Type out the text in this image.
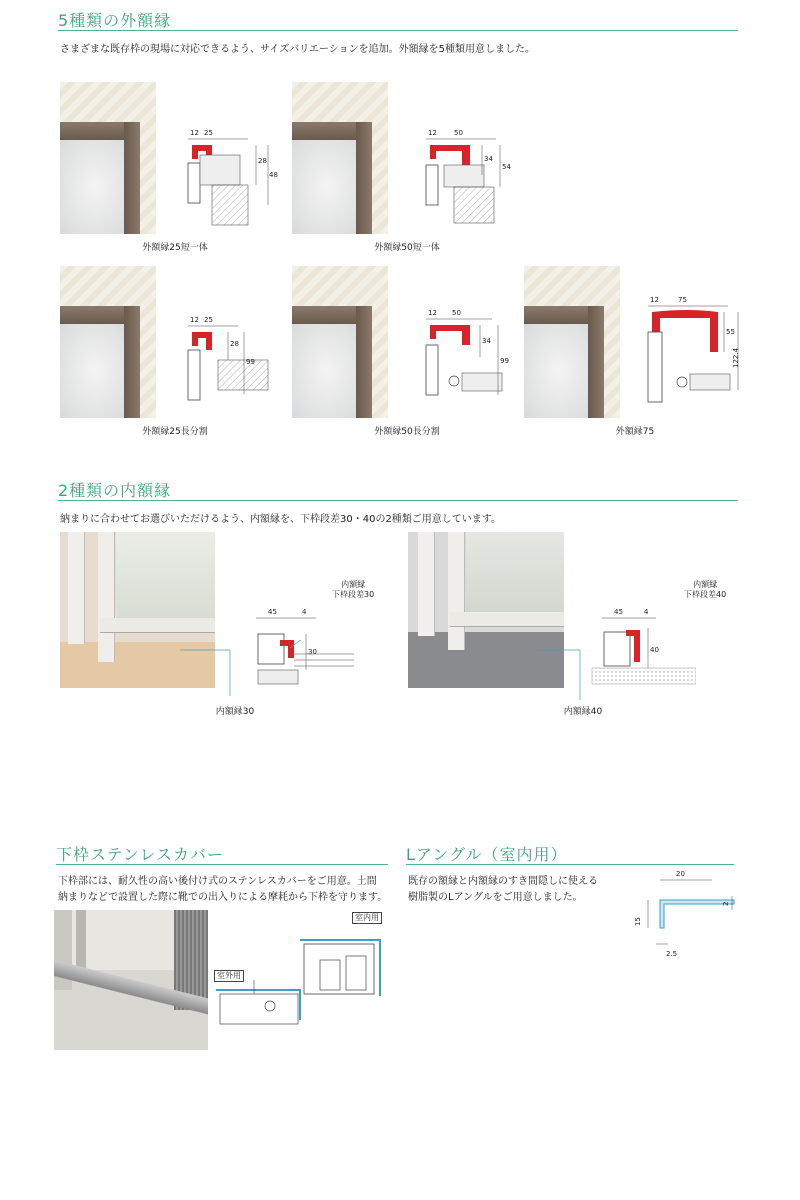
5種類の外額縁
さまざまな既存枠の現場に対応できるよう、サイズバリエーションを追加。外額縁を5種類用意しました。
12 25
28
48
外額縁25短一体
12 50
34
54
外額縁50短一体
12 25
28
99
外額縁25長分割
12 50
34
99
外額縁50長分割
12	75
55
122.4
外額縁75
2種類の内額縁
納まりに合わせてお選びいただけるよう、内額縁を、下枠段差30・40の2種類ご用意しています。
45	4
30
内額縁
下枠段差30
内額縁30
45	4
40
内額縁
下枠段差40
内額縁40
下枠ステンレスカバー
下枠部には、耐久性の高い後付け式のステンレスカバーをご用意。土間
納まりなどで設置した際に靴での出入りによる摩耗から下枠を守ります。
室内用
室外用
Lアングル（室内用）
既存の額縁と内額縁のすき間隠しに使える
樹脂製のLアングルをご用意しました。
20
2
15
2.5
